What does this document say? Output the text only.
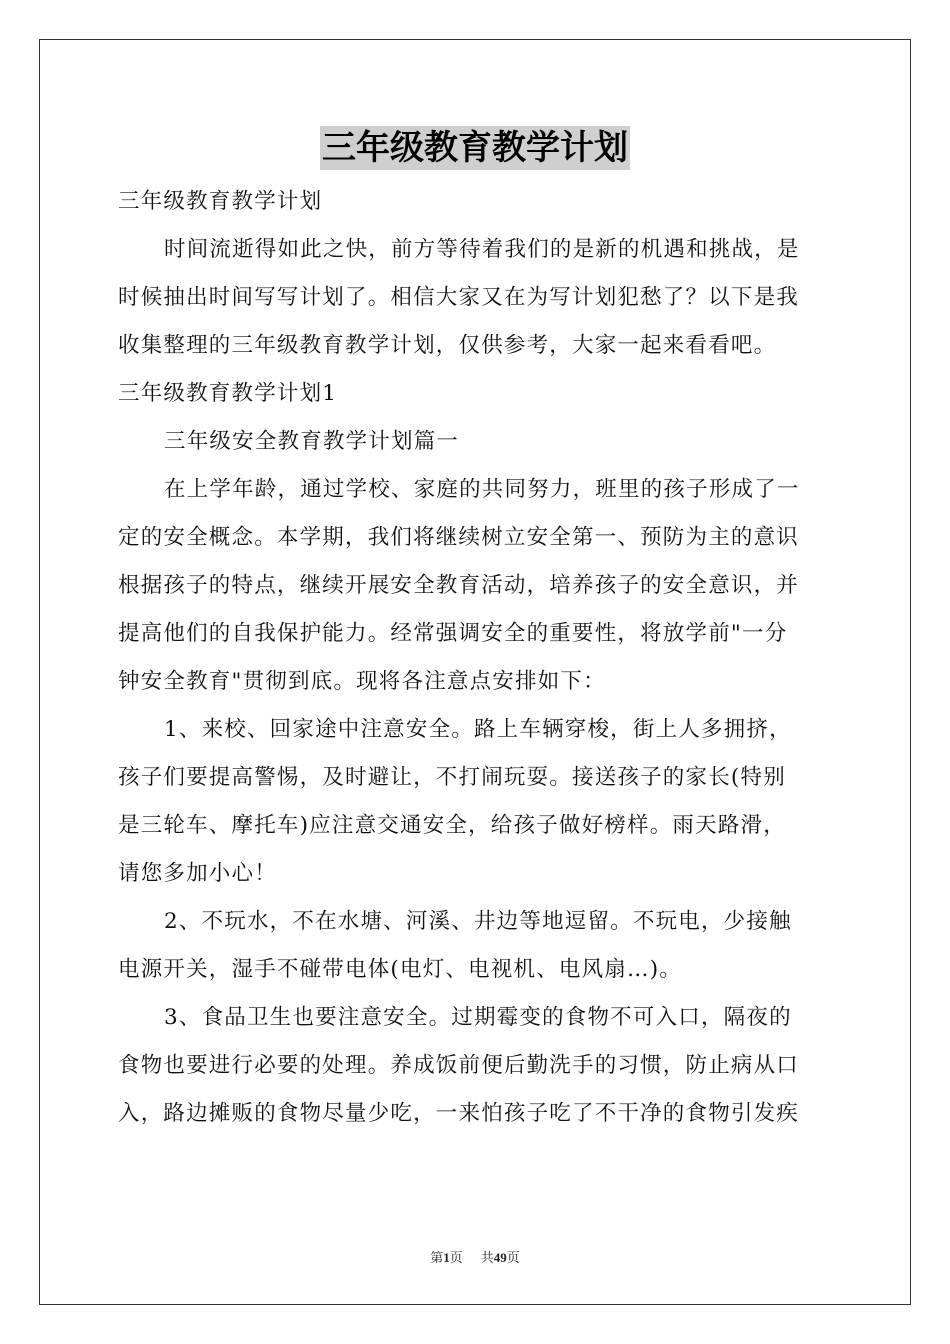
三年级教育教学计划
三年级教育教学计划
时间流逝得如此之快，前方等待着我们的是新的机遇和挑战，是
时候抽出时间写写计划了。相信大家又在为写计划犯愁了？以下是我
收集整理的三年级教育教学计划，仅供参考，大家一起来看看吧。
三年级教育教学计划1
三年级安全教育教学计划篇一
在上学年龄，通过学校、家庭的共同努力，班里的孩子形成了一
定的安全概念。本学期，我们将继续树立安全第一、预防为主的意识
根据孩子的特点，继续开展安全教育活动，培养孩子的安全意识，并
提高他们的自我保护能力。经常强调安全的重要性，将放学前"一分
钟安全教育"贯彻到底。现将各注意点安排如下：
1、来校、回家途中注意安全。路上车辆穿梭，街上人多拥挤，
孩子们要提高警惕，及时避让，不打闹玩耍。接送孩子的家长(特别
是三轮车、摩托车)应注意交通安全，给孩子做好榜样。雨天路滑，
请您多加小心！
2、不玩水，不在水塘、河溪、井边等地逗留。不玩电，少接触
电源开关，湿手不碰带电体(电灯、电视机、电风扇…)。
3、食品卫生也要注意安全。过期霉变的食物不可入口，隔夜的
食物也要进行必要的处理。养成饭前便后勤洗手的习惯，防止病从口
入，路边摊贩的食物尽量少吃，一来怕孩子吃了不干净的食物引发疾
第1页 共49页
